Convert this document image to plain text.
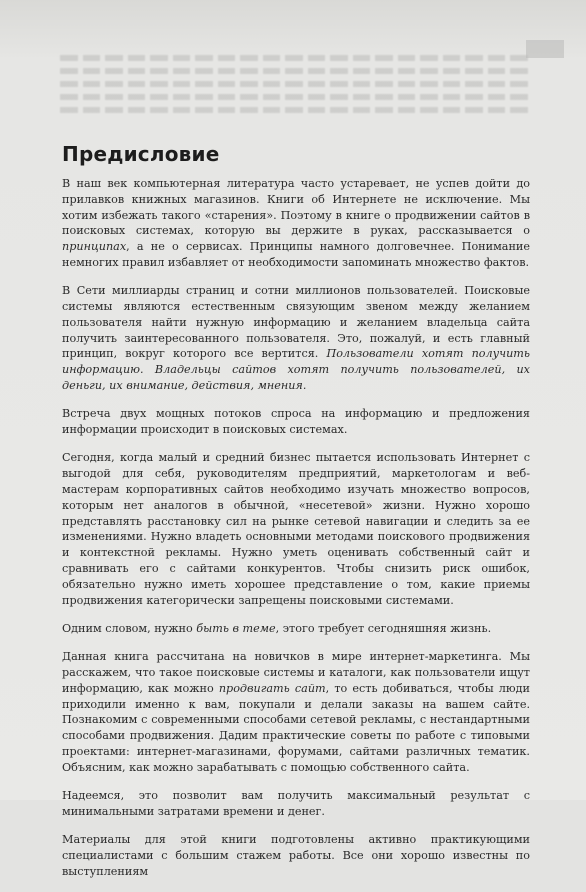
Предисловие

В наш век компьютерная литература часто устаревает, не успев дойти до прилавков книжных магазинов. Книги об Интернете не исключение. Мы хотим избежать такого «старения». Поэтому в книге о продвижении сайтов в поисковых системах, которую вы держите в руках, рассказывается о принципах, а не о сервисах. Принципы намного долговечнее. Понимание немногих правил избавляет от необходимости запоминать множество фактов.

В Сети миллиарды страниц и сотни миллионов пользователей. Поисковые системы являются естественным связующим звеном между желанием пользователя найти нужную информацию и желанием владельца сайта получить заинтересованного пользователя. Это, пожалуй, и есть главный принцип, вокруг которого все вертится. Пользователи хотят получить информацию. Владельцы сайтов хотят получить пользователей, их деньги, их внимание, действия, мнения.

Встреча двух мощных потоков спроса на информацию и предложения информации происходит в поисковых системах.

Сегодня, когда малый и средний бизнес пытается использовать Интернет с выгодой для себя, руководителям предприятий, маркетологам и веб-мастерам корпоративных сайтов необходимо изучать множество вопросов, которым нет аналогов в обычной, «несетевой» жизни. Нужно хорошо представлять расстановку сил на рынке сетевой навигации и следить за ее изменениями. Нужно владеть основными методами поискового продвижения и контекстной рекламы. Нужно уметь оценивать собственный сайт и сравнивать его с сайтами конкурентов. Чтобы снизить риск ошибок, обязательно нужно иметь хорошее представление о том, какие приемы продвижения категорически запрещены поисковыми системами.

Одним словом, нужно быть в теме, этого требует сегодняшняя жизнь.

Данная книга рассчитана на новичков в мире интернет-маркетинга. Мы расскажем, что такое поисковые системы и каталоги, как пользователи ищут информацию, как можно продвигать сайт, то есть добиваться, чтобы люди приходили именно к вам, покупали и делали заказы на вашем сайте. Познакомим с современными способами сетевой рекламы, с нестандартными способами продвижения. Дадим практические советы по работе с типовыми проектами: интернет-магазинами, форумами, сайтами различных тематик. Объясним, как можно зарабатывать с помощью собственного сайта.

Надеемся, это позволит вам получить максимальный результат с минимальными затратами времени и денег.

Материалы для этой книги подготовлены активно практикующими специалистами с большим стажем работы. Все они хорошо известны по выступлениям
